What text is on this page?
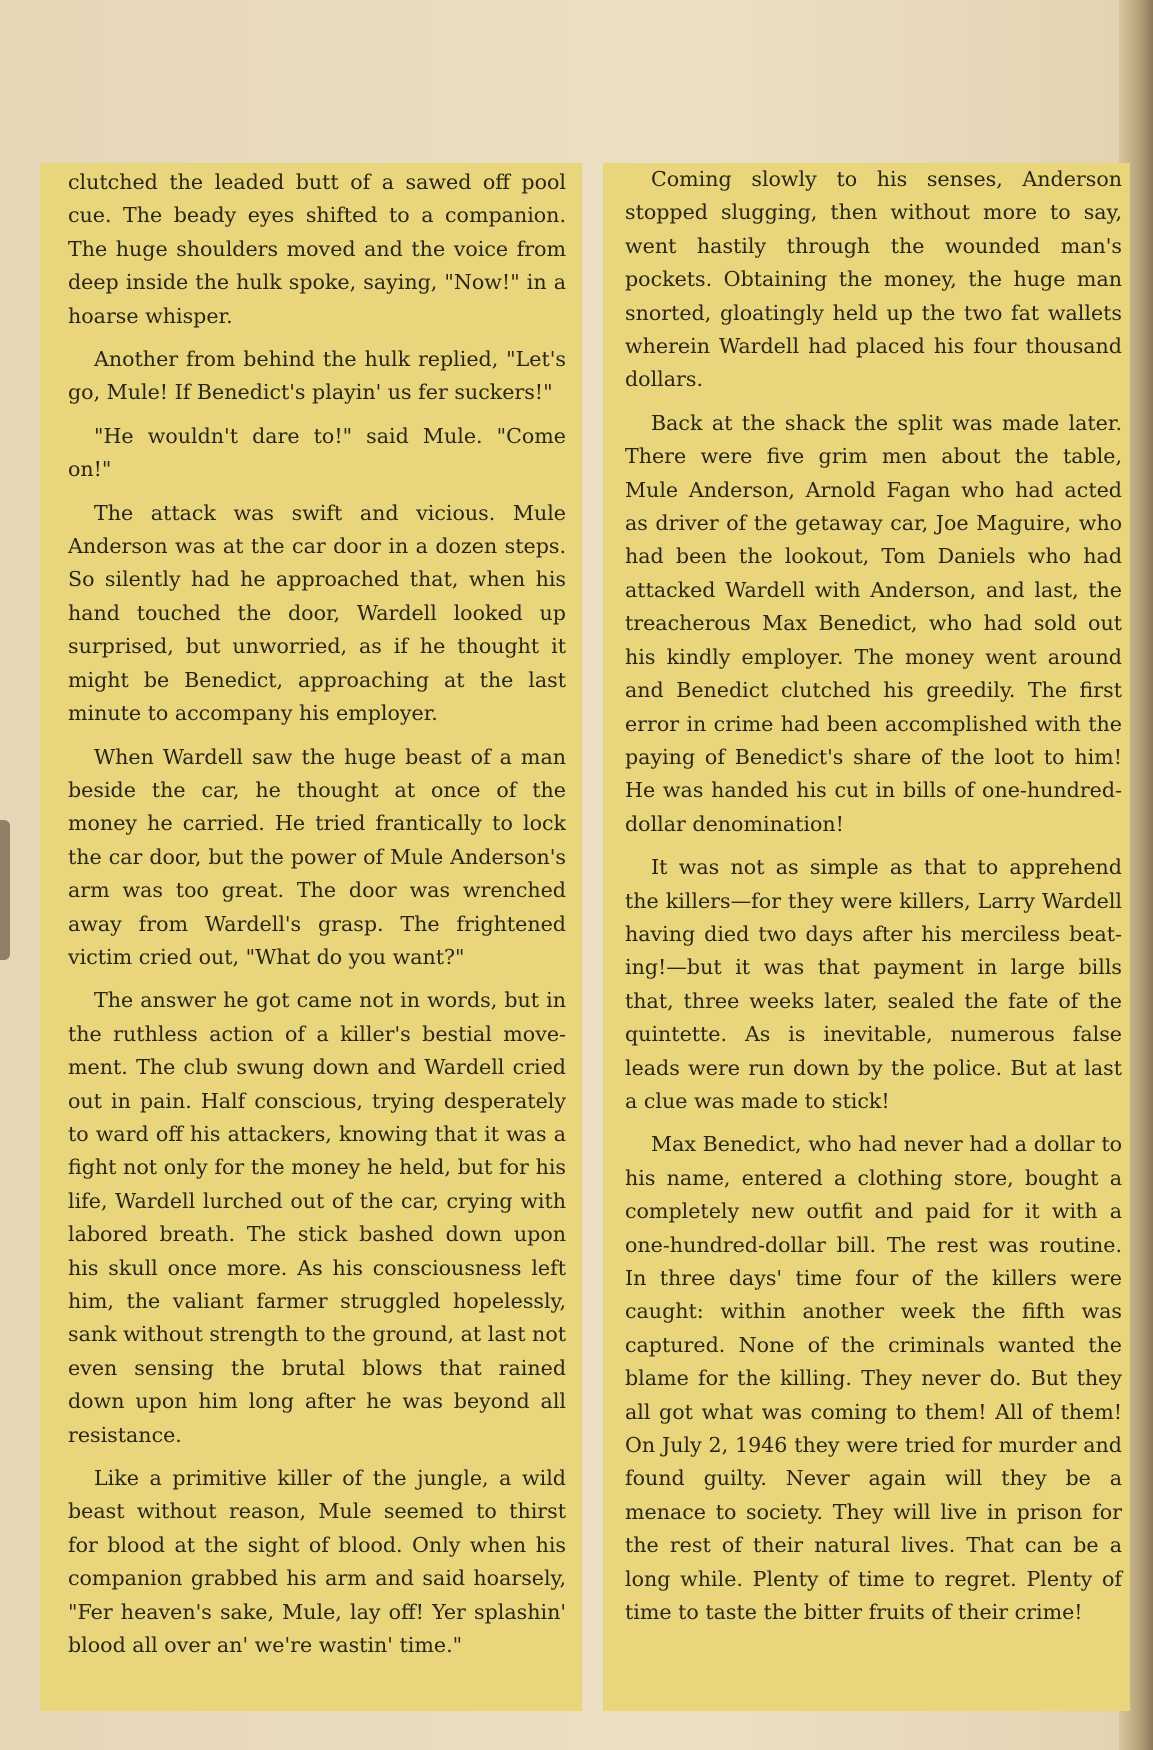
clutched the leaded butt of a sawed off pool cue. The beady eyes shifted to a companion. The huge shoulders moved and the voice from deep inside the hulk spoke, saying, "Now!" in a hoarse whisper.

Another from behind the hulk replied, "Let's go, Mule! If Benedict's playin' us fer suckers!"

"He wouldn't dare to!" said Mule. "Come on!"

The attack was swift and vicious. Mule Anderson was at the car door in a dozen steps. So silently had he approached that, when his hand touched the door, Wardell looked up surprised, but unworried, as if he thought it might be Benedict, approaching at the last minute to accompany his employer.

When Wardell saw the huge beast of a man beside the car, he thought at once of the money he carried. He tried frantically to lock the car door, but the power of Mule Anderson's arm was too great. The door was wrenched away from Wardell's grasp. The frightened victim cried out, "What do you want?"

The answer he got came not in words, but in the ruthless action of a killer's bestial movement. The club swung down and Wardell cried out in pain. Half conscious, trying desperately to ward off his attackers, knowing that it was a fight not only for the money he held, but for his life, Wardell lurched out of the car, crying with labored breath. The stick bashed down upon his skull once more. As his consciousness left him, the valiant farmer struggled hopelessly, sank without strength to the ground, at last not even sensing the brutal blows that rained down upon him long after he was beyond all resistance.

Like a primitive killer of the jungle, a wild beast without reason, Mule seemed to thirst for blood at the sight of blood. Only when his companion grabbed his arm and said hoarsely, "Fer heaven's sake, Mule, lay off! Yer splashin' blood all over an' we're wastin' time."

Coming slowly to his senses, Anderson stopped slugging, then without more to say, went hastily through the wounded man's pockets. Obtaining the money, the huge man snorted, gloatingly held up the two fat wallets wherein Wardell had placed his four thousand dollars.

Back at the shack the split was made later. There were five grim men about the table, Mule Anderson, Arnold Fagan who had acted as driver of the getaway car, Joe Maguire, who had been the lookout, Tom Daniels who had attacked Wardell with Anderson, and last, the treacherous Max Benedict, who had sold out his kindly employer. The money went around and Benedict clutched his greedily. The first error in crime had been accomplished with the paying of Benedict's share of the loot to him! He was handed his cut in bills of one-hundred-dollar denomination!

It was not as simple as that to apprehend the killers—for they were killers, Larry Wardell having died two days after his merciless beating!—but it was that payment in large bills that, three weeks later, sealed the fate of the quintette. As is inevitable, numerous false leads were run down by the police. But at last a clue was made to stick!

Max Benedict, who had never had a dollar to his name, entered a clothing store, bought a completely new outfit and paid for it with a one-hundred-dollar bill. The rest was routine. In three days' time four of the killers were caught: within another week the fifth was captured. None of the criminals wanted the blame for the killing. They never do. But they all got what was coming to them! All of them! On July 2, 1946 they were tried for murder and found guilty. Never again will they be a menace to society. They will live in prison for the rest of their natural lives. That can be a long while. Plenty of time to regret. Plenty of time to taste the bitter fruits of their crime!
